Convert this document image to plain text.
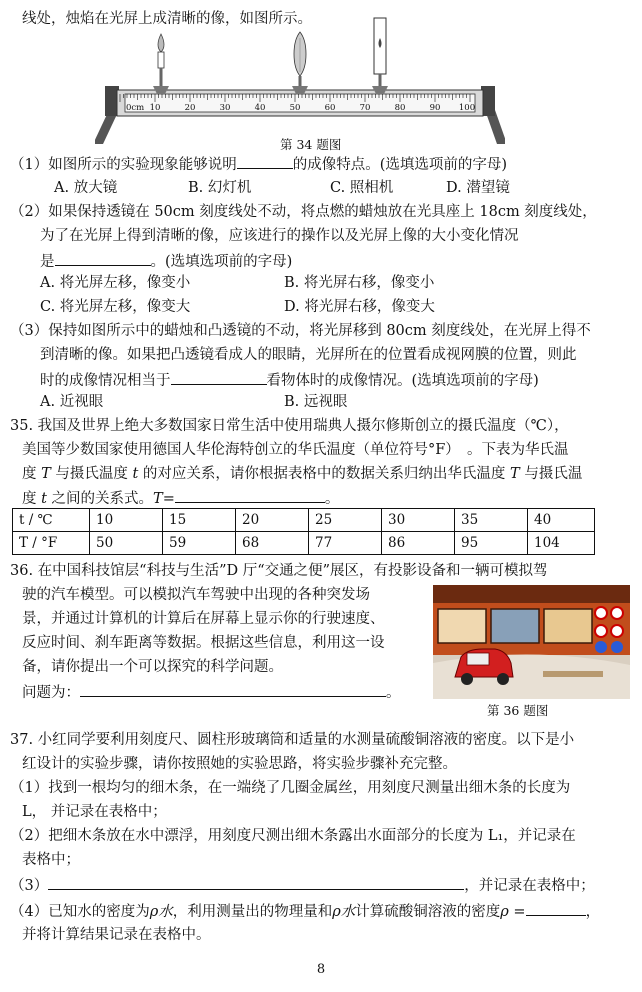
线处，烛焰在光屏上成清晰的像，如图所示。
0cm 10	20	30	40	50	60	70	80	90 100
第 34 题图
（1）如图所示的实验现象能够说明	的成像特点。(选填选项前的字母)
A. 放大镜	B. 幻灯机	C. 照相机	D. 潜望镜
（2）如果保持透镜在 50cm 刻度线处不动，将点燃的蜡烛放在光具座上 18cm 刻度线处，
为了在光屏上得到清晰的像，应该进行的操作以及光屏上像的大小变化情况
是	。(选填选项前的字母)
A. 将光屏左移，像变小	B. 将光屏右移，像变小
C. 将光屏左移，像变大	D. 将光屏右移，像变大
（3）保持如图所示中的蜡烛和凸透镜的不动，将光屏移到 80cm 刻度线处，在光屏上得不
到清晰的像。如果把凸透镜看成人的眼睛，光屏所在的位置看成视网膜的位置，则此
时的成像情况相当于	看物体时的成像情况。(选填选项前的字母)
A. 近视眼	B. 远视眼
35. 我国及世界上绝大多数国家日常生活中使用瑞典人摄尔修斯创立的摄氏温度（℃），
美国等少数国家使用德国人华伦海特创立的华氏温度（单位符号°F）　。下表为华氏温
度 T 与摄氏温度 t 的对应关系，请你根据表格中的数据关系归纳出华氏温度 T 与摄氏温
度 t 之间的关系式。T=	。
t / ℃	10	15	20	25	30	35	40
T / °F	50	59	68	77	86	95	104
36. 在中国科技馆层“科技与生活”D 厅“交通之便”展区，有投影设备和一辆可模拟驾
驶的汽车模型。可以模拟汽车驾驶中出现的各种突发场
景，并通过计算机的计算后在屏幕上显示你的行驶速度、
反应时间、刹车距离等数据。根据这些信息，利用这一设
备，请你提出一个可以探究的科学问题。
问题为：	。
第 36 题图
37. 小红同学要利用刻度尺、圆柱形玻璃筒和适量的水测量硫酸铜溶液的密度。以下是小
红设计的实验步骤，请你按照她的实验思路，将实验步骤补充完整。
（1）找到一根均匀的细木条，在一端绕了几圈金属丝，用刻度尺测量出细木条的长度为
L， 并记录在表格中；
（2）把细木条放在水中漂浮，用刻度尺测出细木条露出水面部分的长度为 L₁，并记录在
表格中；
（3）	，并记录在表格中；
（4）已知水的密度为ρ水，利用测量出的物理量和ρ水计算硫酸铜溶液的密度ρ =	，
并将计算结果记录在表格中。
8
